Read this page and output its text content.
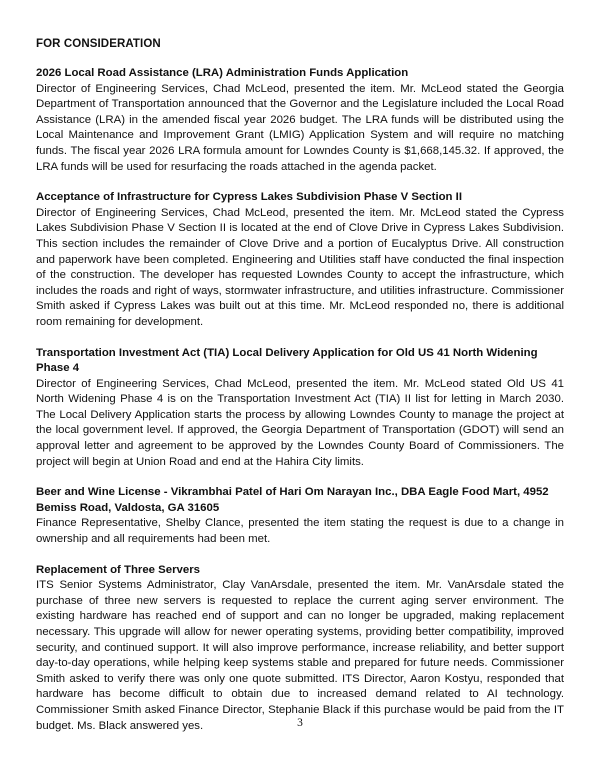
FOR CONSIDERATION

2026 Local Road Assistance (LRA) Administration Funds Application

Director of Engineering Services, Chad McLeod, presented the item. Mr. McLeod stated the Georgia Department of Transportation announced that the Governor and the Legislature included the Local Road Assistance (LRA) in the amended fiscal year 2026 budget. The LRA funds will be distributed using the Local Maintenance and Improvement Grant (LMIG) Application System and will require no matching funds. The fiscal year 2026 LRA formula amount for Lowndes County is $1,668,145.32. If approved, the LRA funds will be used for resurfacing the roads attached in the agenda packet.

Acceptance of Infrastructure for Cypress Lakes Subdivision Phase V Section II

Director of Engineering Services, Chad McLeod, presented the item. Mr. McLeod stated the Cypress Lakes Subdivision Phase V Section II is located at the end of Clove Drive in Cypress Lakes Subdivision. This section includes the remainder of Clove Drive and a portion of Eucalyptus Drive. All construction and paperwork have been completed. Engineering and Utilities staff have conducted the final inspection of the construction. The developer has requested Lowndes County to accept the infrastructure, which includes the roads and right of ways, stormwater infrastructure, and utilities infrastructure. Commissioner Smith asked if Cypress Lakes was built out at this time. Mr. McLeod responded no, there is additional room remaining for development.

Transportation Investment Act (TIA) Local Delivery Application for Old US 41 North Widening Phase 4

Director of Engineering Services, Chad McLeod, presented the item. Mr. McLeod stated Old US 41 North Widening Phase 4 is on the Transportation Investment Act (TIA) II list for letting in March 2030. The Local Delivery Application starts the process by allowing Lowndes County to manage the project at the local government level. If approved, the Georgia Department of Transportation (GDOT) will send an approval letter and agreement to be approved by the Lowndes County Board of Commissioners. The project will begin at Union Road and end at the Hahira City limits.

Beer and Wine License - Vikrambhai Patel of Hari Om Narayan Inc., DBA Eagle Food Mart, 4952 Bemiss Road, Valdosta, GA 31605

Finance Representative, Shelby Clance, presented the item stating the request is due to a change in ownership and all requirements had been met.

Replacement of Three Servers

ITS Senior Systems Administrator, Clay VanArsdale, presented the item. Mr. VanArsdale stated the purchase of three new servers is requested to replace the current aging server environment. The existing hardware has reached end of support and can no longer be upgraded, making replacement necessary. This upgrade will allow for newer operating systems, providing better compatibility, improved security, and continued support. It will also improve performance, increase reliability, and better support day-to-day operations, while helping keep systems stable and prepared for future needs. Commissioner Smith asked to verify there was only one quote submitted. ITS Director, Aaron Kostyu, responded that hardware has become difficult to obtain due to increased demand related to AI technology. Commissioner Smith asked Finance Director, Stephanie Black if this purchase would be paid from the IT budget. Ms. Black answered yes.	3
